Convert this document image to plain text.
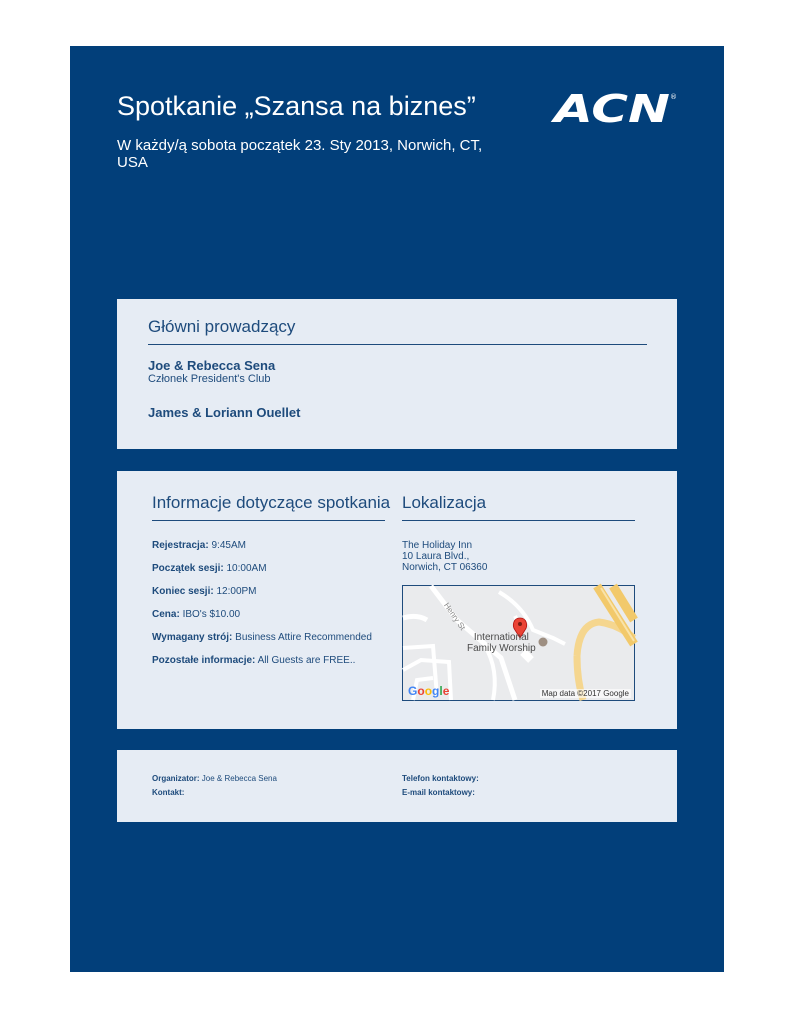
Spotkanie „Szansa na biznes”

W każdy/ą sobota początek 23. Sty 2013, Norwich, CT, USA

ACN ®
Główni prowadzący

Joe & Rebecca Sena

Członek President's Club

James & Loriann Ouellet

Informacje dotyczące spotkania

Rejestracja: 9:45AM

Początek sesji: 10:00AM

Koniec sesji: 12:00PM

Cena: IBO's $10.00

Wymagany strój: Business Attire Recommended

Pozostałe informacje: All Guests are FREE..

Lokalizacja

The Holiday Inn

10 Laura Blvd.,

Norwich, CT 06360

Henry St
International
Family Worship
Google	Map data ©2017 Google

Organizator: Joe & Rebecca Sena

Kontakt:

Telefon kontaktowy:

E-mail kontaktowy:
